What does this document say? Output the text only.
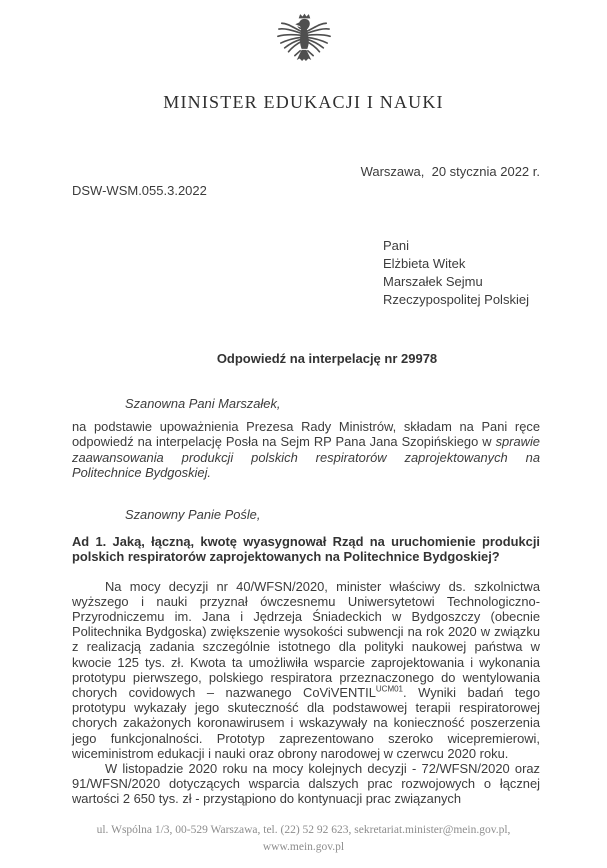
MINISTER EDUKACJI I NAUKI
Warszawa,  20 stycznia 2022 r.
DSW-WSM.055.3.2022
Pani
Elżbieta Witek
Marszałek Sejmu
Rzeczypospolitej Polskiej
Odpowiedź na interpelację nr 29978

Szanowna Pani Marszałek,

na podstawie upoważnienia Prezesa Rady Ministrów, składam na Pani ręce odpowiedź na interpelację Posła na Sejm RP Pana Jana Szopińskiego w sprawie zaawansowania produkcji polskich respiratorów zaprojektowanych na Politechnice Bydgoskiej.

Szanowny Panie Pośle,

Ad 1. Jaką, łączną, kwotę wyasygnował Rząd na uruchomienie produkcji polskich respiratorów zaprojektowanych na Politechnice Bydgoskiej?

Na mocy decyzji nr 40/WFSN/2020, minister właściwy ds. szkolnictwa wyższego i nauki przyznał ówczesnemu Uniwersytetowi Technologiczno-Przyrodniczemu im. Jana i Jędrzeja Śniadeckich w Bydgoszczy (obecnie Politechnika Bydgoska) zwiększenie wysokości subwencji na rok 2020 w związku z realizacją zadania szczególnie istotnego dla polityki naukowej państwa w kwocie 125 tys. zł. Kwota ta umożliwiła wsparcie zaprojektowania i wykonania prototypu pierwszego, polskiego respiratora przeznaczonego do wentylowania chorych covidowych – nazwanego CoViVENTIL$^{UCM01}$. Wyniki badań tego prototypu wykazały jego skuteczność dla podstawowej terapii respiratorowej chorych zakażonych koronawirusem i wskazywały na konieczność poszerzenia jego funkcjonalności. Prototyp zaprezentowano szeroko wicepremierowi, wiceministrom edukacji i nauki oraz obrony narodowej w czerwcu 2020 roku.

W listopadzie 2020 roku na mocy kolejnych decyzji - 72/WFSN/2020 oraz 91/WFSN/2020 dotyczących wsparcia dalszych prac rozwojowych o łącznej wartości 2 650 tys. zł - przystąpiono do kontynuacji prac związanych

ul. Wspólna 1/3, 00-529 Warszawa, tel. (22) 52 92 623, sekretariat.minister@mein.gov.pl,
www.mein.gov.pl
